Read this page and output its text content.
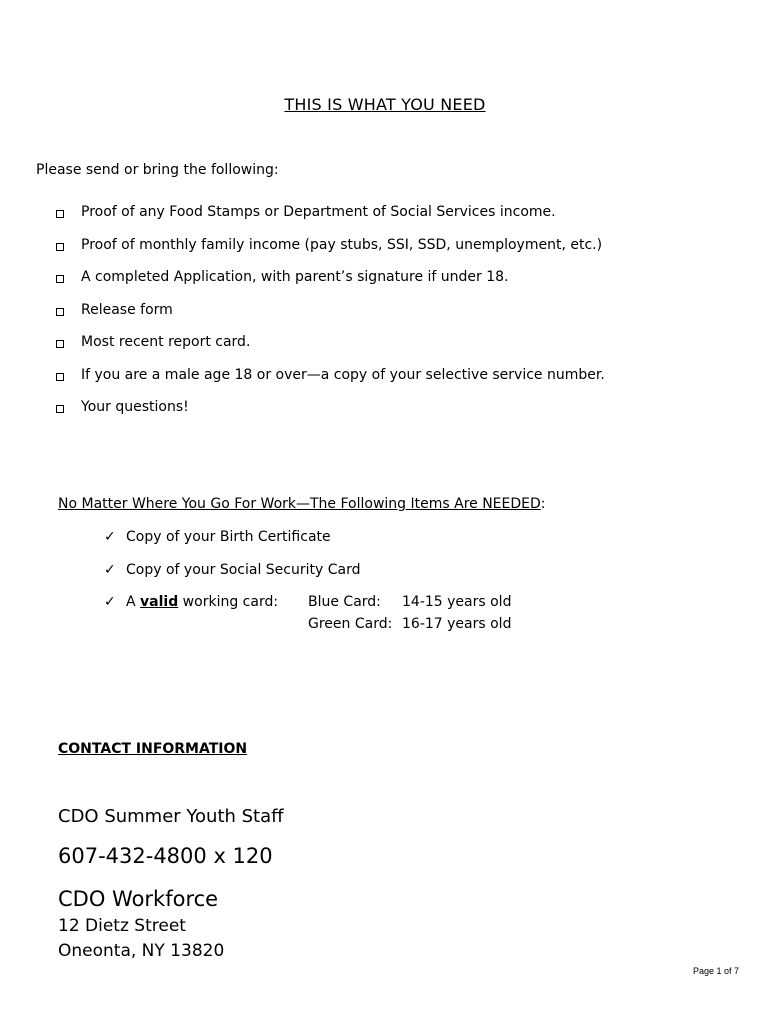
THIS IS WHAT YOU NEED
Please send or bring the following:
Proof of any Food Stamps or Department of Social Services income.
Proof of monthly family income (pay stubs, SSI, SSD, unemployment, etc.)
A completed Application, with parent’s signature if under 18.
Release form
Most recent report card.
If you are a male age 18 or over—a copy of your selective service number.
Your questions!
No Matter Where You Go For Work—The Following Items Are NEEDED:
✓ Copy of your Birth Certificate
✓ Copy of your Social Security Card
✓ A valid working card: Blue Card: 14-15 years old
Green Card: 16-17 years old
CONTACT INFORMATION
CDO Summer Youth Staff
607-432-4800 x 120
CDO Workforce
12 Dietz Street
Oneonta, NY 13820
Page 1 of 7
